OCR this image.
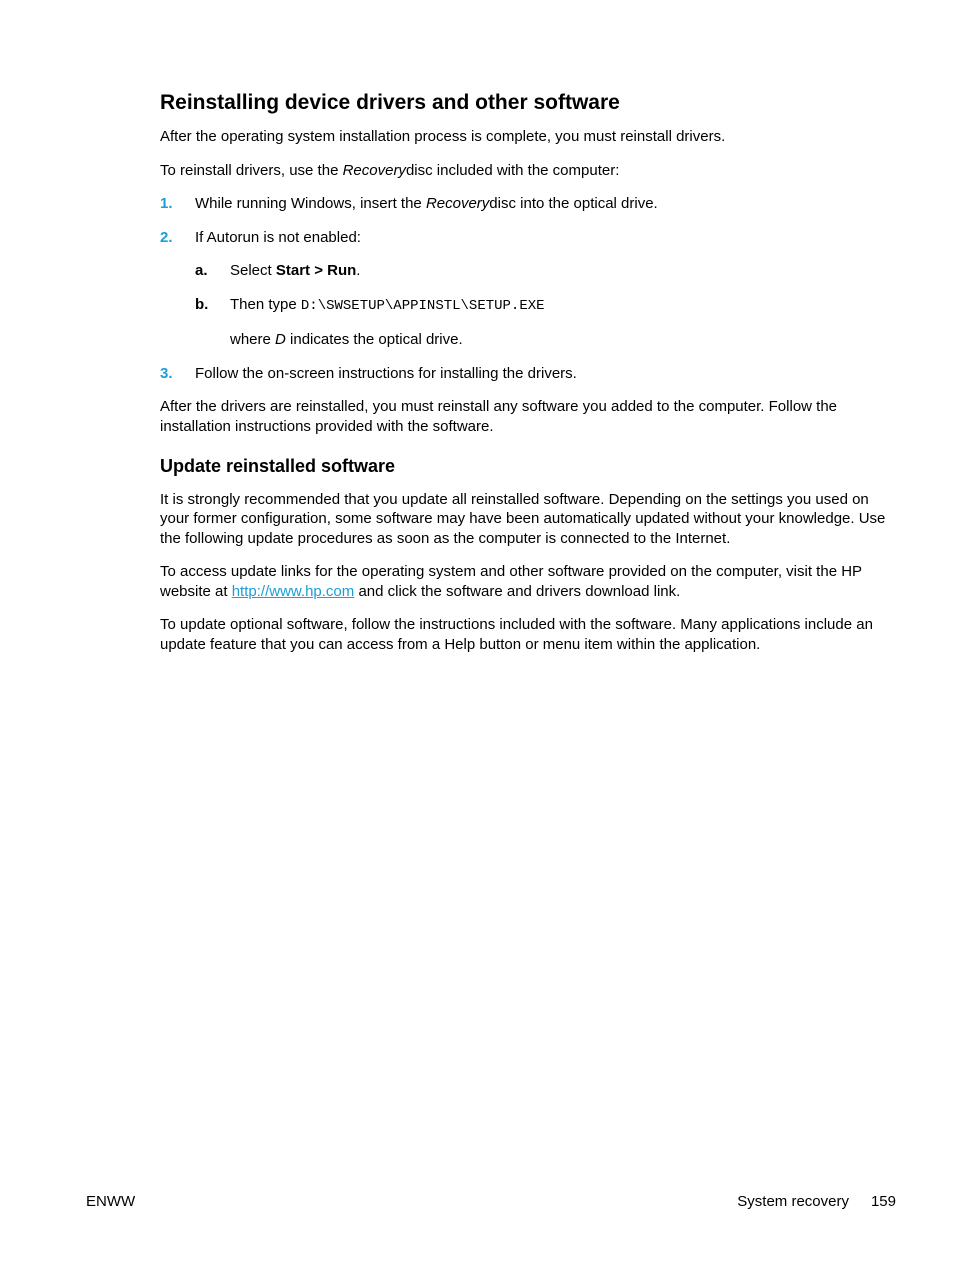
Reinstalling device drivers and other software

After the operating system installation process is complete, you must reinstall drivers.

To reinstall drivers, use the Recoverydisc included with the computer:

1.	While running Windows, insert the Recoverydisc into the optical drive.
2.	If Autorun is not enabled:
a.	Select Start > Run.
b.	Then type D:\SWSETUP\APPINSTL\SETUP.EXE

where D indicates the optical drive.

3.	Follow the on-screen instructions for installing the drivers.

After the drivers are reinstalled, you must reinstall any software you added to the computer. Follow the installation instructions provided with the software.

Update reinstalled software

It is strongly recommended that you update all reinstalled software. Depending on the settings you used on your former configuration, some software may have been automatically updated without your knowledge. Use the following update procedures as soon as the computer is connected to the Internet.

To access update links for the operating system and other software provided on the computer, visit the HP website at http://www.hp.com and click the software and drivers download link.

To update optional software, follow the instructions included with the software. Many applications include an update feature that you can access from a Help button or menu item within the application.

ENWW	System recovery 159
